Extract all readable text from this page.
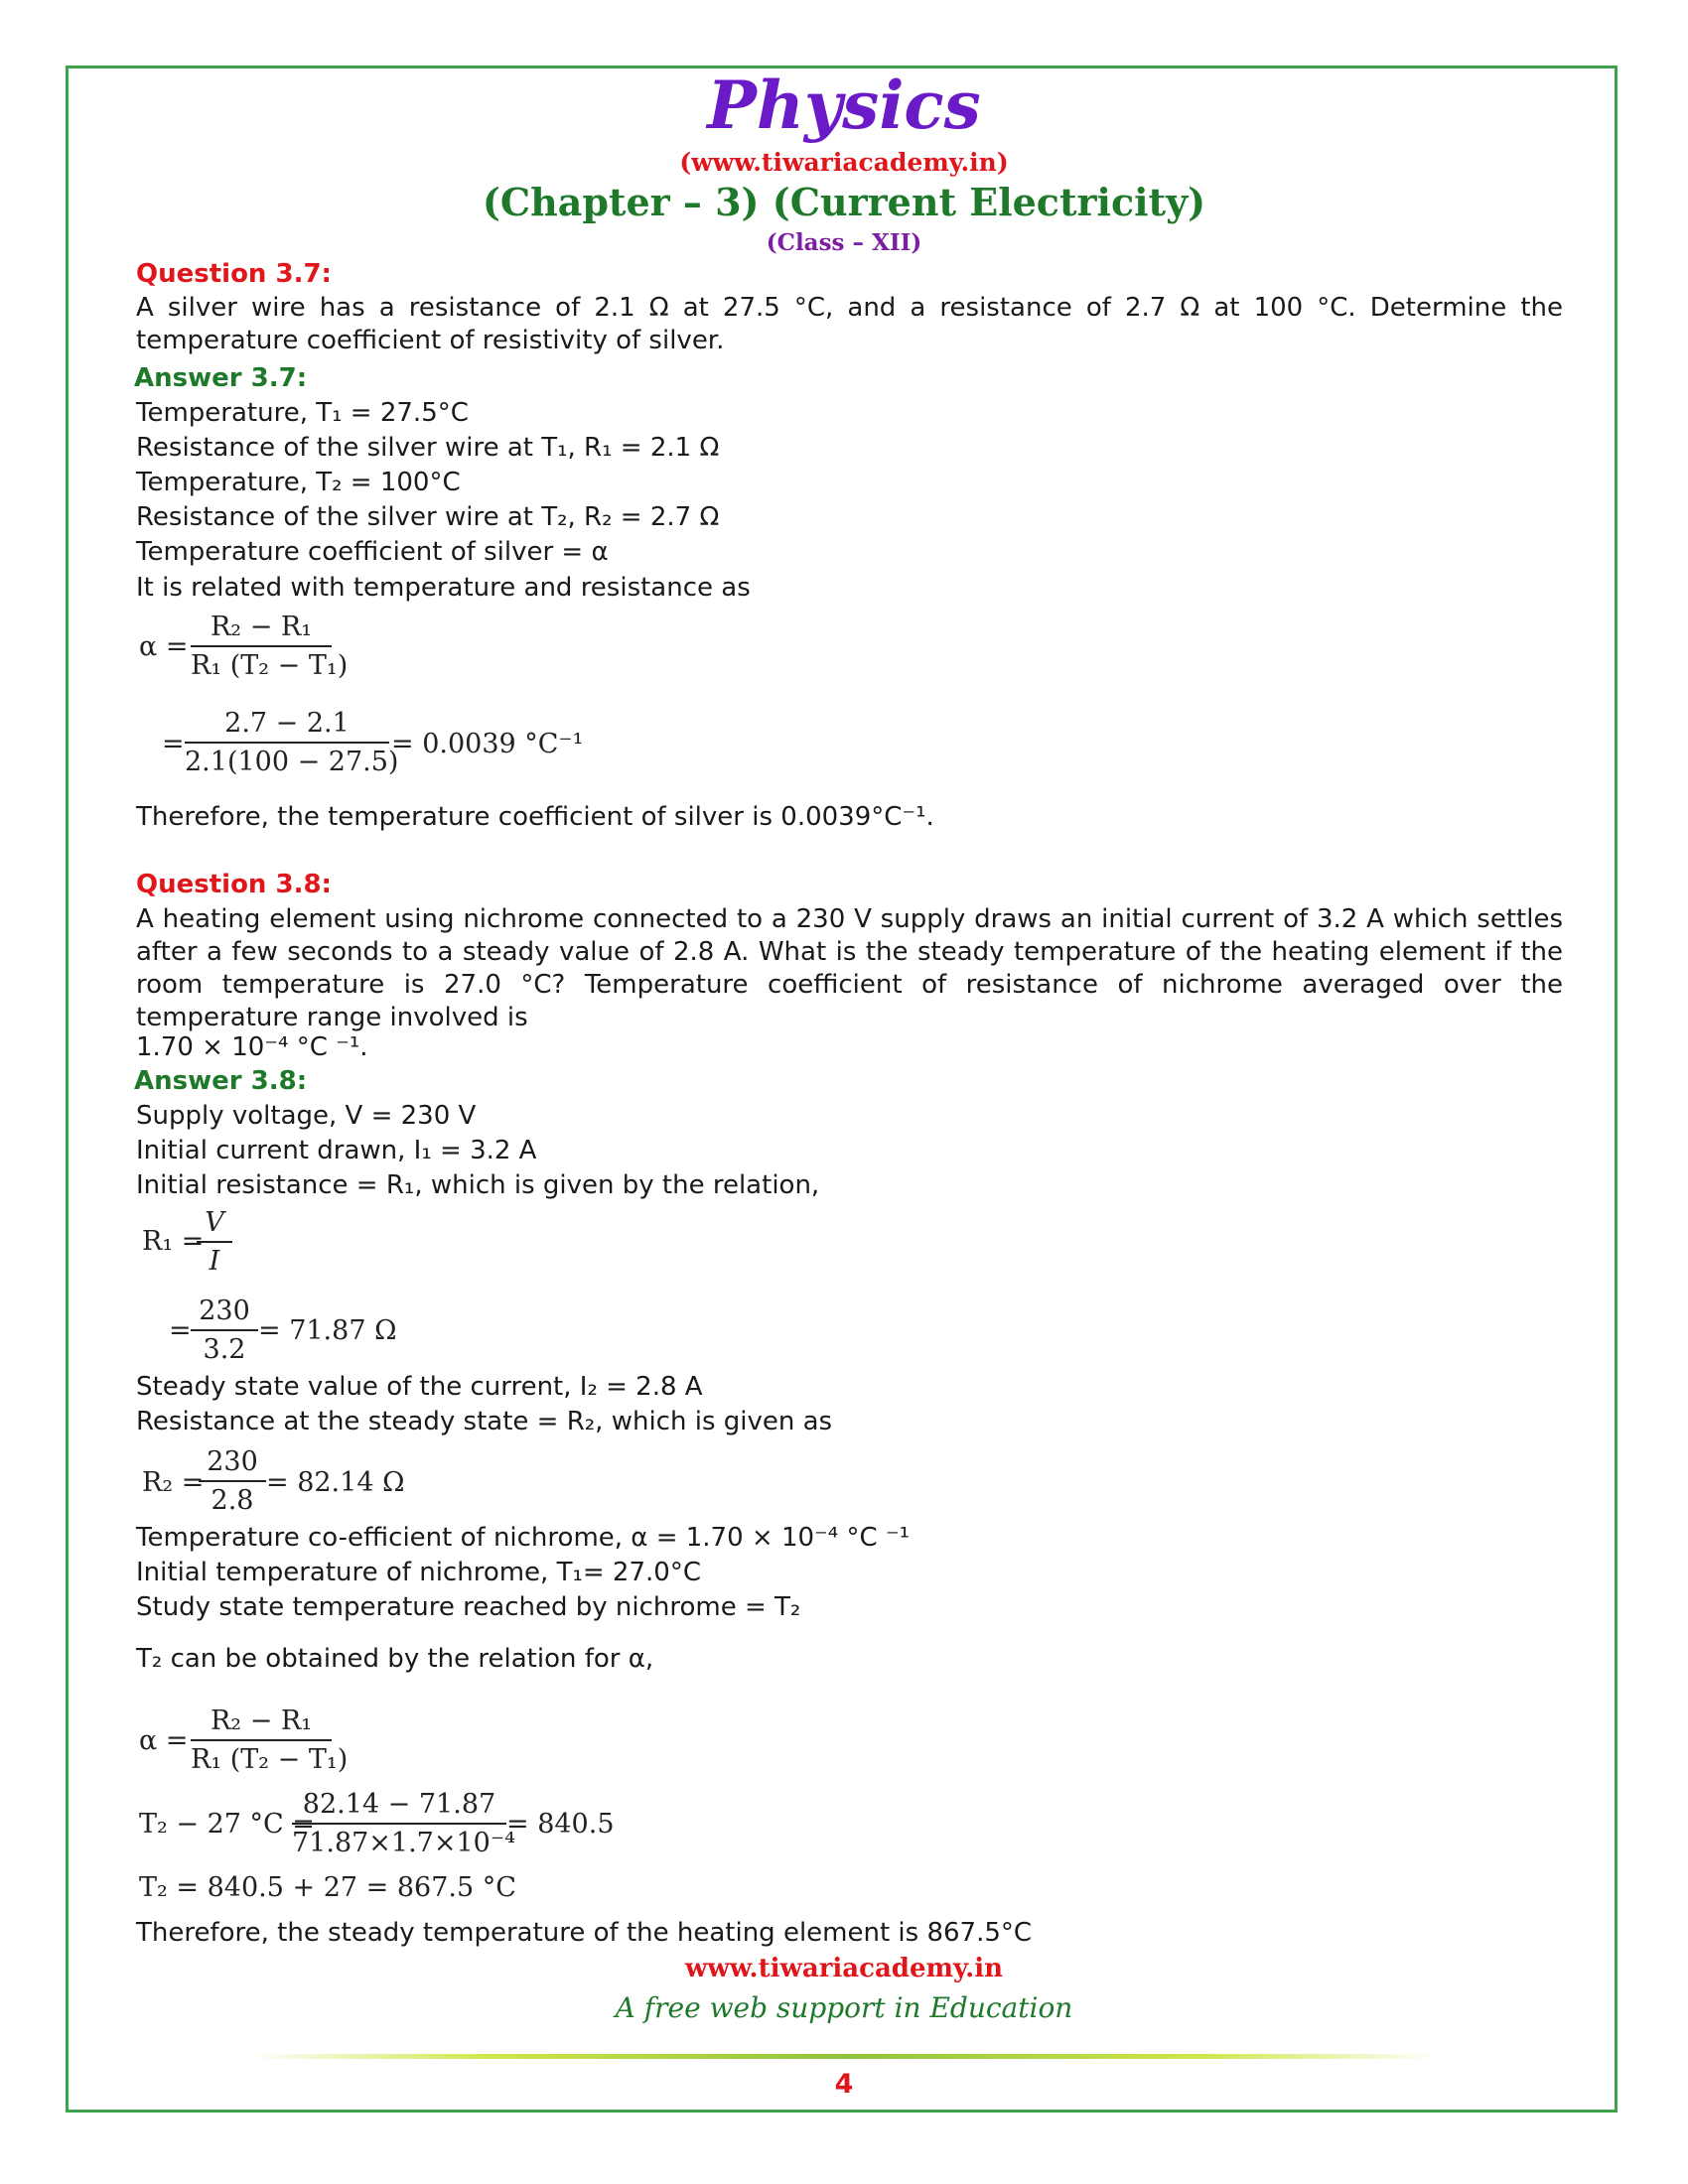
Physics
(www.tiwariacademy.in)
(Chapter – 3) (Current Electricity)
(Class – XII)
Question 3.7:
A silver wire has a resistance of 2.1 Ω at 27.5 °C, and a resistance of 2.7 Ω at 100 °C. Determine the temperature coefficient of resistivity of silver.
Answer 3.7:
Temperature, T₁ = 27.5°C
Resistance of the silver wire at T₁, R₁ = 2.1 Ω
Temperature, T₂ = 100°C
Resistance of the silver wire at T₂, R₂ = 2.7 Ω
Temperature coefficient of silver = α
It is related with temperature and resistance as
$\alpha = \frac{\text{R₂ − R₁}}{\text{R₁ (T₂ − T₁)}}$
= $\frac{2.7 - 2.1}{2.1(100 - 27.5)} = 0.0039$ °C⁻¹
Therefore, the temperature coefficient of silver is 0.0039°C⁻¹.
Question 3.8:
A heating element using nichrome connected to a 230 V supply draws an initial current of 3.2 A which settles after a few seconds to a steady value of 2.8 A. What is the steady temperature of the heating element if the room temperature is 27.0 °C? Temperature coefficient of resistance of nichrome averaged over the temperature range involved is
1.70 × 10⁻⁴ °C ⁻¹.
Answer 3.8:
Supply voltage, V = 230 V
Initial current drawn, I₁ = 3.2 A
Initial resistance = R₁, which is given by the relation,
R₁ =
$\frac{V}{I}$
= $\frac{230}{3.2} = 71.87$ Ω
Steady state value of the current, I₂ = 2.8 A
Resistance at the steady state = R₂, which is given as
R₂ =
$\frac{230}{2.8} = 82.14$ Ω
Temperature co-efficient of nichrome, α = 1.70 × 10⁻⁴ °C ⁻¹
Initial temperature of nichrome, T₁= 27.0°C
Study state temperature reached by nichrome = T₂
T₂ can be obtained by the relation for α,
$\alpha = \frac{\text{R₂ − R₁}}{\text{R₁ (T₂ − T₁)}}$
T₂ − 27 °C =
$\frac{82.14 - 71.87}{\text{71.87×1.7×10⁻⁴}} = 840.5$
T₂ = 840.5 + 27 = 867.5 °C
Therefore, the steady temperature of the heating element is 867.5°C
www.tiwariacademy.in
A free web support in Education
4
